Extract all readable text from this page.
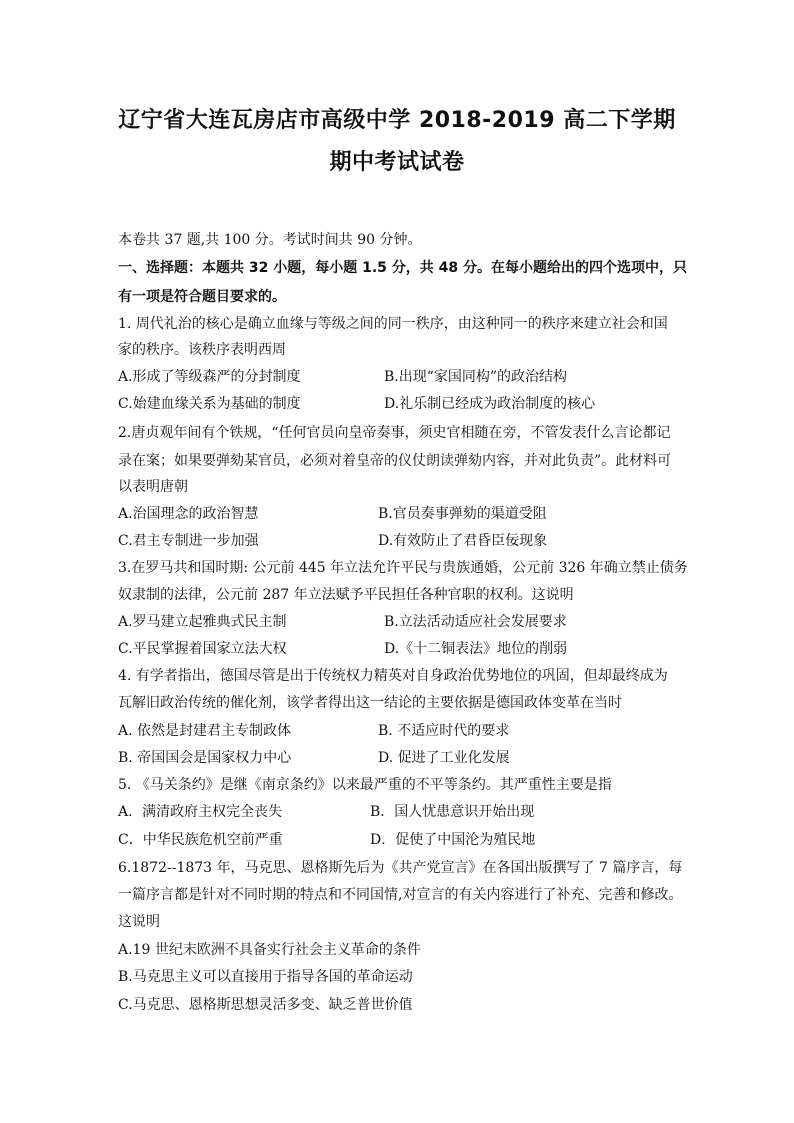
辽宁省大连瓦房店市高级中学 2018-2019 高二下学期
期中考试试卷
本卷共 37 题,共 100 分。考试时间共 90 分钟。
一、选择题：本题共 32 小题，每小题 1.5 分，共 48 分。在每小题给出的四个选项中，只
有一项是符合题目要求的。
1. 周代礼治的核心是确立血缘与等级之间的同一秩序，由这种同一的秩序来建立社会和国
家的秩序。该秩序表明西周
A.形成了等级森严的分封制度	B.出现“家国同构”的政治结构
C.始建血缘关系为基础的制度	D.礼乐制已经成为政治制度的核心
2.唐贞观年间有个铁规，“任何官员向皇帝奏事，须史官相随在旁，不管发表什么言论都记
录在案；如果要弹劾某官员，必须对着皇帝的仪仗朗读弹劾内容，并对此负责”。此材料可
以表明唐朝
A.治国理念的政治智慧	B.官员奏事弹劾的渠道受阻
C.君主专制进一步加强	D.有效防止了君昏臣佞现象
3.在罗马共和国时期: 公元前 445 年立法允许平民与贵族通婚，公元前 326 年确立禁止债务
奴隶制的法律，公元前 287 年立法赋予平民担任各种官职的权利。这说明
A.罗马建立起雅典式民主制	B.立法活动适应社会发展要求
C.平民掌握着国家立法大权	D.《十二铜表法》地位的削弱
4. 有学者指出，德国尽管是出于传统权力精英对自身政治优势地位的巩固，但却最终成为
瓦解旧政治传统的催化剂，该学者得出这一结论的主要依据是德国政体变革在当时
A. 依然是封建君主专制政体	B. 不适应时代的要求
B. 帝国国会是国家权力中心	D. 促进了工业化发展
5. 《马关条约》是继《南京条约》以来最严重的不平等条约。其严重性主要是指
A．满清政府主权完全丧失	B．国人忧患意识开始出现
C．中华民族危机空前严重	D．促使了中国沦为殖民地
6.1872--1873 年，马克思、恩格斯先后为《共产党宣言》在各国出版撰写了 7 篇序言，每
一篇序言都是针对不同时期的特点和不同国情,对宣言的有关内容进行了补充、完善和修改。
这说明
A.19 世纪末欧洲不具备实行社会主义革命的条件
B.马克思主义可以直接用于指导各国的革命运动
C.马克思、恩格斯思想灵活多变、缺乏普世价值
